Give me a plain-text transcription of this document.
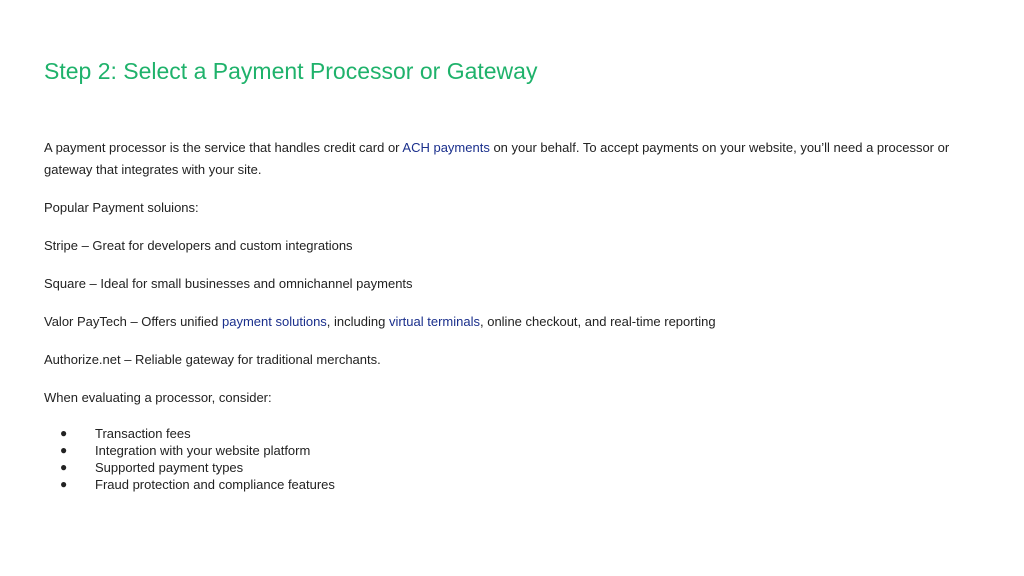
Step 2: Select a Payment Processor or Gateway

A payment processor is the service that handles credit card or ACH payments on your behalf. To accept payments on your website, you’ll need a processor or gateway that integrates with your site.

Popular Payment soluions:

Stripe – Great for developers and custom integrations

Square – Ideal for small businesses and omnichannel payments

Valor PayTech – Offers unified payment solutions, including virtual terminals, online checkout, and real-time reporting

Authorize.net – Reliable gateway for traditional merchants.

When evaluating a processor, consider:

● Transaction fees
● Integration with your website platform
● Supported payment types
● Fraud protection and compliance features
